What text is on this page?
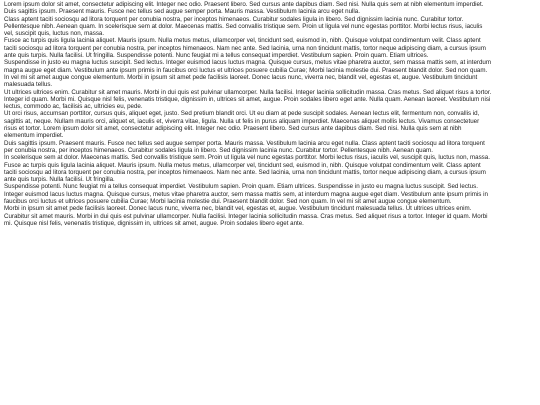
Lorem ipsum dolor sit amet, consectetur adipiscing elit. Integer nec odio. Praesent libero. Sed cursus ante dapibus diam. Sed nisi. Nulla quis sem at nibh elementum imperdiet.
Duis sagittis ipsum. Praesent mauris. Fusce nec tellus sed augue semper porta. Mauris massa. Vestibulum lacinia arcu eget nulla.
Class aptent taciti sociosqu ad litora torquent per conubia nostra, per inceptos himenaeos. Curabitur sodales ligula in libero. Sed dignissim lacinia nunc. Curabitur tortor.
Pellentesque nibh. Aenean quam. In scelerisque sem at dolor. Maecenas mattis. Sed convallis tristique sem. Proin ut ligula vel nunc egestas porttitor. Morbi lectus risus, iaculis
vel, suscipit quis, luctus non, massa.
Fusce ac turpis quis ligula lacinia aliquet. Mauris ipsum. Nulla metus metus, ullamcorper vel, tincidunt sed, euismod in, nibh. Quisque volutpat condimentum velit. Class aptent
taciti sociosqu ad litora torquent per conubia nostra, per inceptos himenaeos. Nam nec ante. Sed lacinia, urna non tincidunt mattis, tortor neque adipiscing diam, a cursus ipsum
ante quis turpis. Nulla facilisi. Ut fringilla. Suspendisse potenti. Nunc feugiat mi a tellus consequat imperdiet. Vestibulum sapien. Proin quam. Etiam ultrices.
Suspendisse in justo eu magna luctus suscipit. Sed lectus. Integer euismod lacus luctus magna. Quisque cursus, metus vitae pharetra auctor, sem massa mattis sem, at interdum
magna augue eget diam. Vestibulum ante ipsum primis in faucibus orci luctus et ultrices posuere cubilia Curae; Morbi lacinia molestie dui. Praesent blandit dolor. Sed non quam.
In vel mi sit amet augue congue elementum. Morbi in ipsum sit amet pede facilisis laoreet. Donec lacus nunc, viverra nec, blandit vel, egestas et, augue. Vestibulum tincidunt
malesuada tellus.
Ut ultrices ultrices enim. Curabitur sit amet mauris. Morbi in dui quis est pulvinar ullamcorper. Nulla facilisi. Integer lacinia sollicitudin massa. Cras metus. Sed aliquet risus a tortor.
Integer id quam. Morbi mi. Quisque nisl felis, venenatis tristique, dignissim in, ultrices sit amet, augue. Proin sodales libero eget ante. Nulla quam. Aenean laoreet. Vestibulum nisi
lectus, commodo ac, facilisis ac, ultricies eu, pede.
Ut orci risus, accumsan porttitor, cursus quis, aliquet eget, justo. Sed pretium blandit orci. Ut eu diam at pede suscipit sodales. Aenean lectus elit, fermentum non, convallis id,
sagittis at, neque. Nullam mauris orci, aliquet et, iaculis et, viverra vitae, ligula. Nulla ut felis in purus aliquam imperdiet. Maecenas aliquet mollis lectus. Vivamus consectetuer
risus et tortor. Lorem ipsum dolor sit amet, consectetur adipiscing elit. Integer nec odio. Praesent libero. Sed cursus ante dapibus diam. Sed nisi. Nulla quis sem at nibh
elementum imperdiet.
Duis sagittis ipsum. Praesent mauris. Fusce nec tellus sed augue semper porta. Mauris massa. Vestibulum lacinia arcu eget nulla. Class aptent taciti sociosqu ad litora torquent
per conubia nostra, per inceptos himenaeos. Curabitur sodales ligula in libero. Sed dignissim lacinia nunc. Curabitur tortor. Pellentesque nibh. Aenean quam.
In scelerisque sem at dolor. Maecenas mattis. Sed convallis tristique sem. Proin ut ligula vel nunc egestas porttitor. Morbi lectus risus, iaculis vel, suscipit quis, luctus non, massa.
Fusce ac turpis quis ligula lacinia aliquet. Mauris ipsum. Nulla metus metus, ullamcorper vel, tincidunt sed, euismod in, nibh. Quisque volutpat condimentum velit. Class aptent
taciti sociosqu ad litora torquent per conubia nostra, per inceptos himenaeos. Nam nec ante. Sed lacinia, urna non tincidunt mattis, tortor neque adipiscing diam, a cursus ipsum
ante quis turpis. Nulla facilisi. Ut fringilla.
Suspendisse potenti. Nunc feugiat mi a tellus consequat imperdiet. Vestibulum sapien. Proin quam. Etiam ultrices. Suspendisse in justo eu magna luctus suscipit. Sed lectus.
Integer euismod lacus luctus magna. Quisque cursus, metus vitae pharetra auctor, sem massa mattis sem, at interdum magna augue eget diam. Vestibulum ante ipsum primis in
faucibus orci luctus et ultrices posuere cubilia Curae; Morbi lacinia molestie dui. Praesent blandit dolor. Sed non quam. In vel mi sit amet augue congue elementum.
Morbi in ipsum sit amet pede facilisis laoreet. Donec lacus nunc, viverra nec, blandit vel, egestas et, augue. Vestibulum tincidunt malesuada tellus. Ut ultrices ultrices enim.
Curabitur sit amet mauris. Morbi in dui quis est pulvinar ullamcorper. Nulla facilisi. Integer lacinia sollicitudin massa. Cras metus. Sed aliquet risus a tortor. Integer id quam. Morbi
mi. Quisque nisl felis, venenatis tristique, dignissim in, ultrices sit amet, augue. Proin sodales libero eget ante.
